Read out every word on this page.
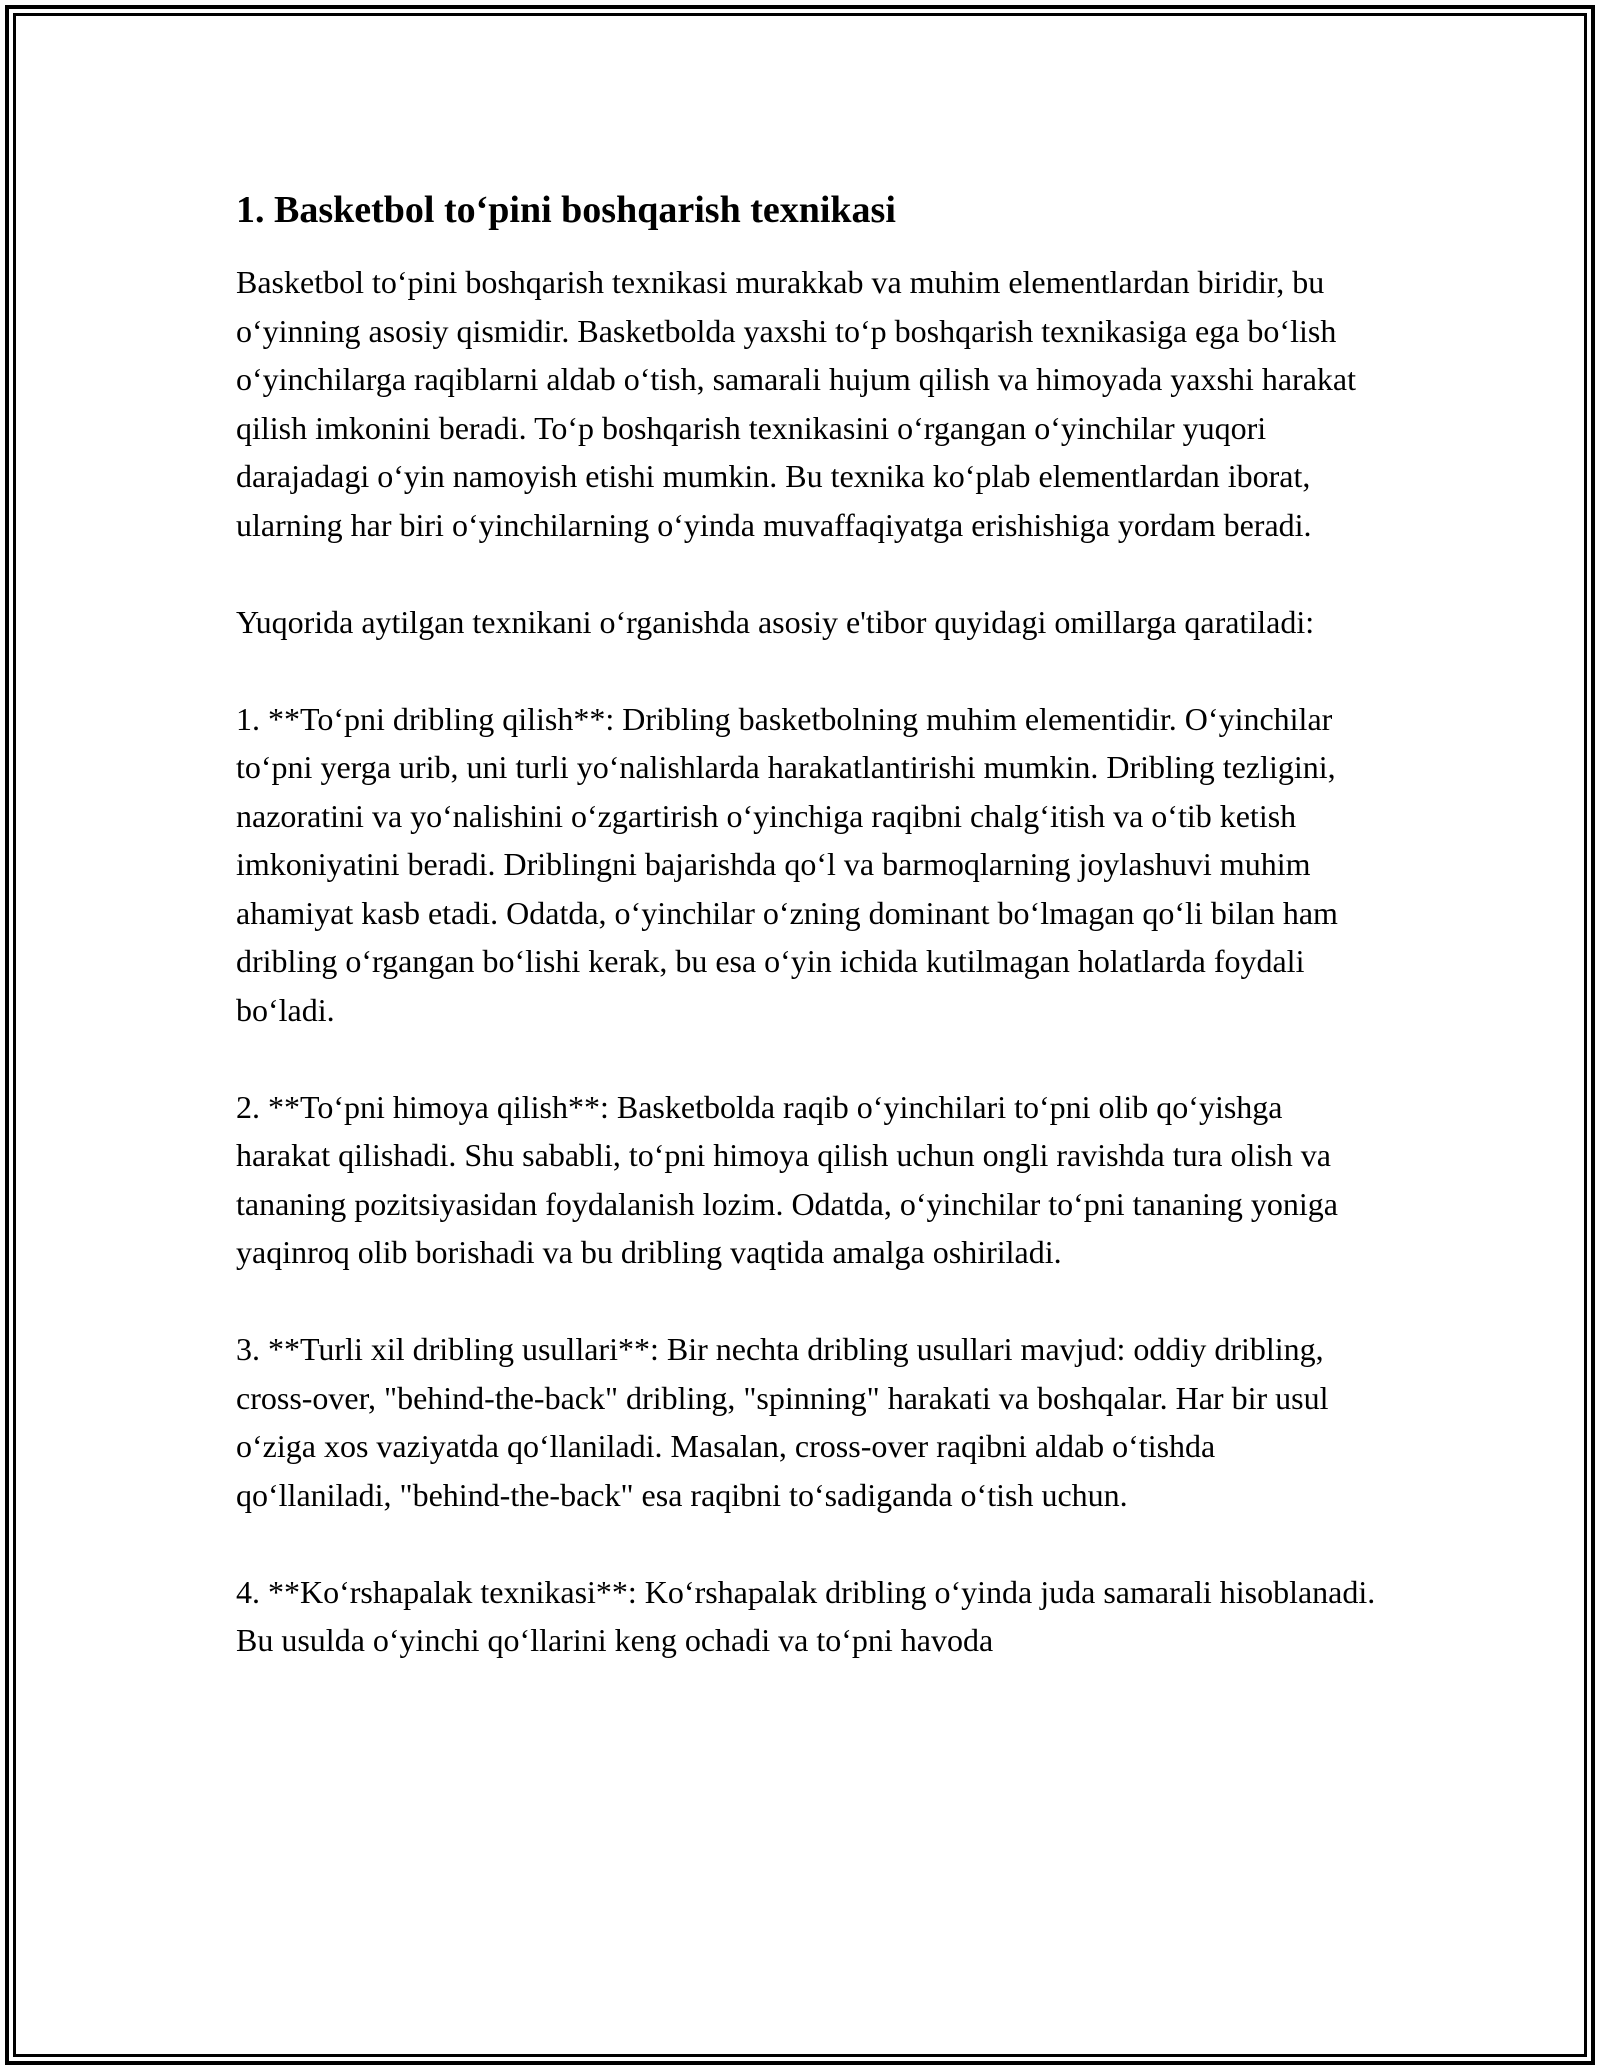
1. Basketbol to‘pini boshqarish texnikasi

Basketbol to‘pini boshqarish texnikasi murakkab va muhim elementlardan biridir, bu o‘yinning asosiy qismidir. Basketbolda yaxshi to‘p boshqarish texnikasiga ega bo‘lish o‘yinchilarga raqiblarni aldab o‘tish, samarali hujum qilish va himoyada yaxshi harakat qilish imkonini beradi. To‘p boshqarish texnikasini o‘rgangan o‘yinchilar yuqori darajadagi o‘yin namoyish etishi mumkin. Bu texnika ko‘plab elementlardan iborat, ularning har biri o‘yinchilarning o‘yinda muvaffaqiyatga erishishiga yordam beradi.

Yuqorida aytilgan texnikani o‘rganishda asosiy e'tibor quyidagi omillarga qaratiladi:

1. **To‘pni dribling qilish**: Dribling basketbolning muhim elementidir. O‘yinchilar to‘pni yerga urib, uni turli yo‘nalishlarda harakatlantirishi mumkin. Dribling tezligini, nazoratini va yo‘nalishini o‘zgartirish o‘yinchiga raqibni chalg‘itish va o‘tib ketish imkoniyatini beradi. Driblingni bajarishda qo‘l va barmoqlarning joylashuvi muhim ahamiyat kasb etadi. Odatda, o‘yinchilar o‘zning dominant bo‘lmagan qo‘li bilan ham dribling o‘rgangan bo‘lishi kerak, bu esa o‘yin ichida kutilmagan holatlarda foydali bo‘ladi.

2. **To‘pni himoya qilish**: Basketbolda raqib o‘yinchilari to‘pni olib qo‘yishga harakat qilishadi. Shu sababli, to‘pni himoya qilish uchun ongli ravishda tura olish va tananing pozitsiyasidan foydalanish lozim. Odatda, o‘yinchilar to‘pni tananing yoniga yaqinroq olib borishadi va bu dribling vaqtida amalga oshiriladi.

3. **Turli xil dribling usullari**: Bir nechta dribling usullari mavjud: oddiy dribling, cross-over, "behind-the-back" dribling, "spinning" harakati va boshqalar. Har bir usul o‘ziga xos vaziyatda qo‘llaniladi. Masalan, cross-over raqibni aldab o‘tishda qo‘llaniladi, "behind-the-back" esa raqibni to‘sadiganda o‘tish uchun.

4. **Ko‘rshapalak texnikasi**: Ko‘rshapalak dribling o‘yinda juda samarali hisoblanadi. Bu usulda o‘yinchi qo‘llarini keng ochadi va to‘pni havoda
